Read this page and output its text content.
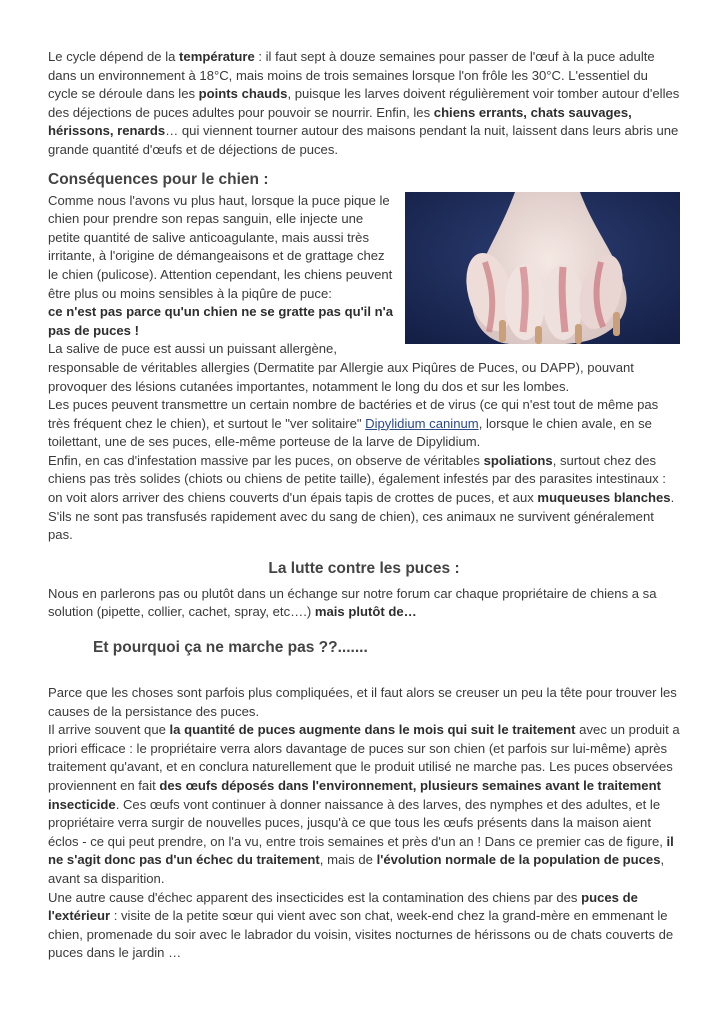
Le cycle dépend de la température : il faut sept à douze semaines pour passer de l'œuf à la puce adulte dans un environnement à 18°C, mais moins de trois semaines lorsque l'on frôle les 30°C. L'essentiel du cycle se déroule dans les points chauds, puisque les larves doivent régulièrement voir tomber autour d'elles des déjections de puces adultes pour pouvoir se nourrir. Enfin, les chiens errants, chats sauvages, hérissons, renards… qui viennent tourner autour des maisons pendant la nuit, laissent dans leurs abris une grande quantité d'œufs et de déjections de puces.

Conséquences pour le chien :

Comme nous l'avons vu plus haut, lorsque la puce pique le chien pour prendre son repas sanguin, elle injecte une petite quantité de salive anticoagulante, mais aussi très irritante, à l'origine de démangeaisons et de grattage chez le chien (pulicose). Attention cependant, les chiens peuvent être plus ou moins sensibles à la piqûre de puce:

ce n'est pas parce qu'un chien ne se gratte pas qu'il n'a pas de puces !

La salive de puce est aussi un puissant allergène, responsable de véritables allergies (Dermatite par Allergie aux Piqûres de Puces, ou DAPP), pouvant provoquer des lésions cutanées importantes, notamment le long du dos et sur les lombes.

Les puces peuvent transmettre un certain nombre de bactéries et de virus (ce qui n'est tout de même pas très fréquent chez le chien), et surtout le "ver solitaire" Dipylidium caninum, lorsque le chien avale, en se toilettant, une de ses puces, elle-même porteuse de la larve de Dipylidium.

Enfin, en cas d'infestation massive par les puces, on observe de véritables spoliations, surtout chez des chiens pas très solides (chiots ou chiens de petite taille), également infestés par des parasites intestinaux : on voit alors arriver des chiens couverts d'un épais tapis de crottes de puces, et aux muqueuses blanches. S'ils ne sont pas transfusés rapidement avec du sang de chien), ces animaux ne survivent généralement pas.

La lutte contre les puces :

Nous en parlerons pas ou plutôt dans un échange sur notre forum car chaque propriétaire de chiens a sa solution (pipette, collier, cachet, spray, etc….) mais plutôt de…

Et pourquoi ça ne marche pas ??.......

Parce que les choses sont parfois plus compliquées, et il faut alors se creuser un peu la tête pour trouver les causes de la persistance des puces.

Il arrive souvent que la quantité de puces augmente dans le mois qui suit le traitement avec un produit a priori efficace : le propriétaire verra alors davantage de puces sur son chien (et parfois sur lui-même) après traitement qu'avant, et en conclura naturellement que le produit utilisé ne marche pas. Les puces observées proviennent en fait des œufs déposés dans l'environnement, plusieurs semaines avant le traitement insecticide. Ces œufs vont continuer à donner naissance à des larves, des nymphes et des adultes, et le propriétaire verra surgir de nouvelles puces, jusqu'à ce que tous les œufs présents dans la maison aient éclos - ce qui peut prendre, on l'a vu, entre trois semaines et près d'un an ! Dans ce premier cas de figure, il ne s'agit donc pas d'un échec du traitement, mais de l'évolution normale de la population de puces, avant sa disparition.

Une autre cause d'échec apparent des insecticides est la contamination des chiens par des puces de l'extérieur : visite de la petite sœur qui vient avec son chat, week-end chez la grand-mère en emmenant le chien, promenade du soir avec le labrador du voisin, visites nocturnes de hérissons ou de chats couverts de puces dans le jardin …
